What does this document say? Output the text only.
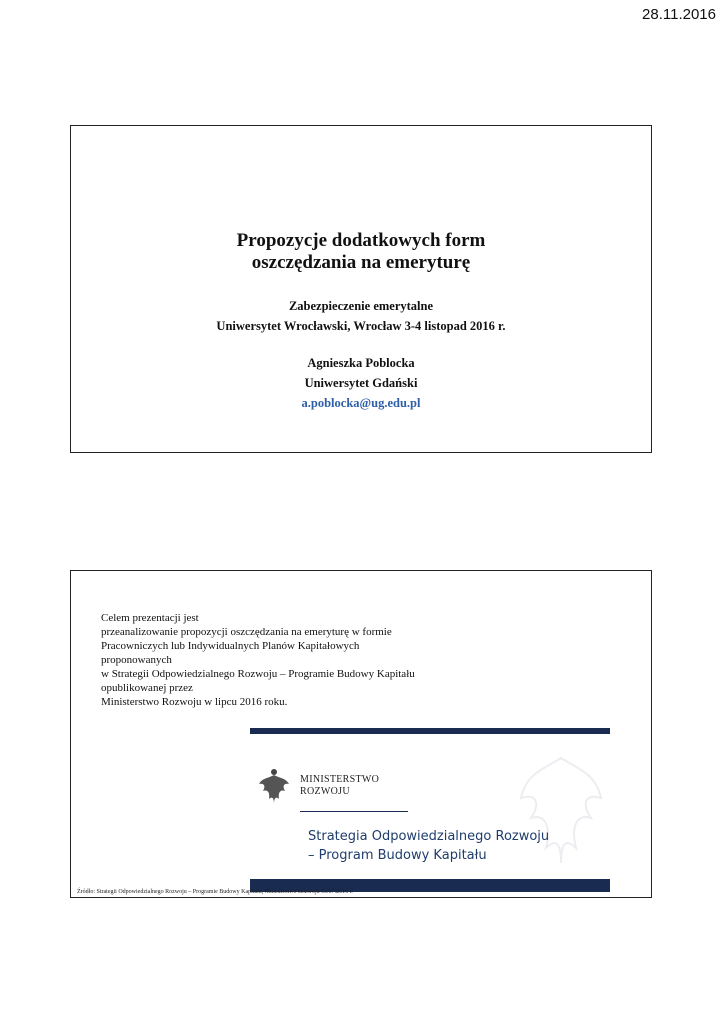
28.11.2016
Propozycje dodatkowych form
oszczędzania na emeryturę
Zabezpieczenie emerytalne
Uniwersytet Wrocławski, Wrocław 3-4 listopad 2016 r.
Agnieszka Poblocka
Uniwersytet Gdański
a.poblocka@ug.edu.pl
Celem prezentacji jest
przeanalizowanie propozycji oszczędzania na emeryturę w formie
Pracowniczych lub Indywidualnych Planów Kapitałowych
proponowanych
w Strategii Odpowiedzialnego Rozwoju – Programie Budowy Kapitału
opublikowanej przez
Ministerstwo Rozwoju w lipcu 2016 roku.
MINISTERSTWO
ROZWOJU
Strategia Odpowiedzialnego Rozwoju
– Program Budowy Kapitału
Źródło: Strategii Odpowiedzialnego Rozwoju – Programie Budowy Kapitału, Ministerstwo Rozwoju 06.07.2016 r.
